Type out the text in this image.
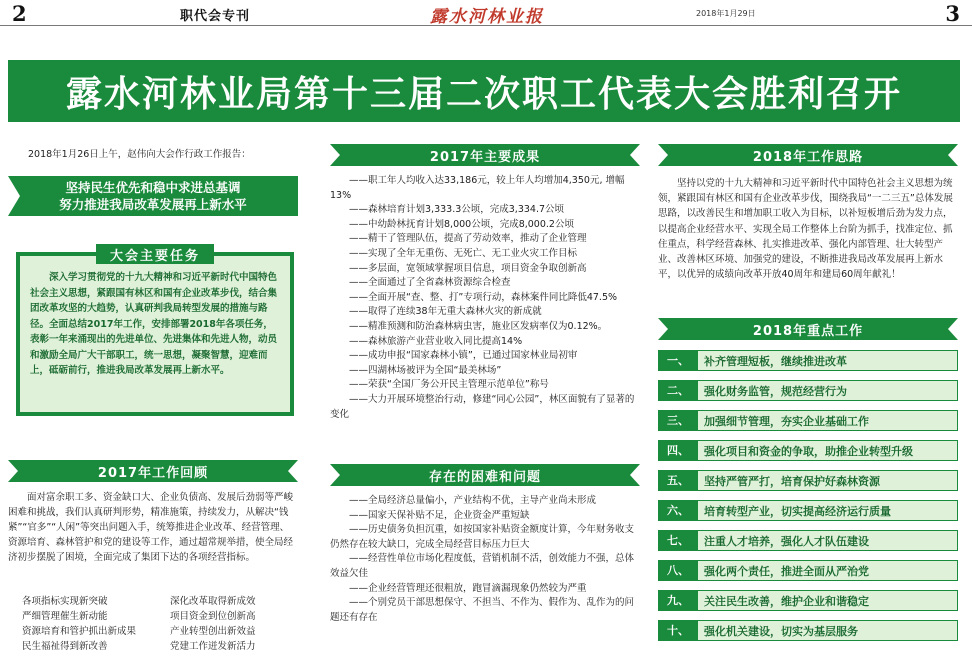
2	职代会专刊	露水河林业报	2018年1月29日	3
露水河林业局第十三届二次职工代表大会胜利召开
2018年1月26日上午，赵伟向大会作行政工作报告：
坚持民生优先和稳中求进总基调
努力推进我局改革发展再上新水平
深入学习贯彻党的十九大精神和习近平新时代中国特色社会主义思想，紧跟国有林区和国有企业改革步伐，结合集团改革攻坚的大趋势，认真研判我局转型发展的措施与路径。全面总结2017年工作，安排部署2018年各项任务，表彰一年来涌现出的先进单位、先进集体和先进人物，动员和激励全局广大干部职工，统一思想，凝聚智慧，迎难而上，砥砺前行，推进我局改革发展再上新水平。
大会主要任务
2017年工作回顾
面对富余职工多、资金缺口大、企业负债高、发展后劲弱等严峻困难和挑战，我们认真研判形势，精准施策，持续发力，从解决“钱紧”“官多”“人闲”等突出问题入手，统筹推进企业改革、经营管理、资源培育、森林管护和党的建设等工作，通过超常规举措，使全局经济初步摆脱了困境，全面完成了集团下达的各项经营指标。
各项指标实现新突破	深化改革取得新成效
严细管理催生新动能	项目资金到位创新高
资源培育和管护抓出新成果	产业转型创出新效益
民生福祉得到新改善	党建工作迸发新活力
2017年主要成果
——职工年人均收入达33,186元，较上年人均增加4,350元, 增幅13%
——森林培育计划3,333.3公顷，完成3,334.7公顷
——中幼龄林抚育计划8,000公顷，完成8,000.2公顷
——精干了管理队伍，提高了劳动效率，推动了企业管理
——实现了全年无重伤、无死亡、无工业火灾工作目标
——多层面，宽领域掌握项目信息，项目资金争取创新高
——全面通过了全省森林资源综合检查
——全面开展“查、整、打”专项行动，森林案件同比降低47.5%
——取得了连续38年无重大森林火灾的新成就
——精准预测和防治森林病虫害，施业区发病率仅为0.12%。
——森林旅游产业营业收入同比提高14%
——成功申报“国家森林小镇”，已通过国家林业局初审
——四湖林场被评为全国“最美林场”
——荣获“全国厂务公开民主管理示范单位”称号
——大力开展环境整治行动，修建“同心公园”，林区面貌有了显著的变化
存在的困难和问题
——全局经济总量偏小，产业结构不优，主导产业尚未形成
——国家天保补贴不足，企业资金严重短缺
——历史债务负担沉重，如按国家补贴资金额度计算，今年财务收支仍然存在较大缺口，完成全局经营目标压力巨大
——经营性单位市场化程度低，营销机制不活，创效能力不强，总体效益欠佳
——企业经营管理还很粗放，跑冒滴漏现象仍然较为严重
——个别党员干部思想保守、不担当、不作为、假作为、乱作为的问题还有存在
2018年工作思路
坚持以党的十九大精神和习近平新时代中国特色社会主义思想为统领，紧跟国有林区和国有企业改革步伐，围绕我局“一二三五”总体发展思路，以改善民生和增加职工收入为目标，以补短板增后劲为发力点，以提高企业经营水平、实现全局工作整体上台阶为抓手，找准定位、抓住重点，科学经营森林、扎实推进改革、强化内部管理、壮大转型产业、改善林区环境、加强党的建设，不断推进我局改革发展再上新水平，以优异的成绩向改革开放40周年和建局60周年献礼！
2018年重点工作
一、	补齐管理短板，继续推进改革
二、	强化财务监管，规范经营行为
三、	加强细节管理，夯实企业基础工作
四、	强化项目和资金的争取，助推企业转型升级
五、	坚持严管严打，培育保护好森林资源
六、	培育转型产业，切实提高经济运行质量
七、	注重人才培养，强化人才队伍建设
八、	强化两个责任，推进全面从严治党
九、	关注民生改善，维护企业和谐稳定
十、	强化机关建设，切实为基层服务
